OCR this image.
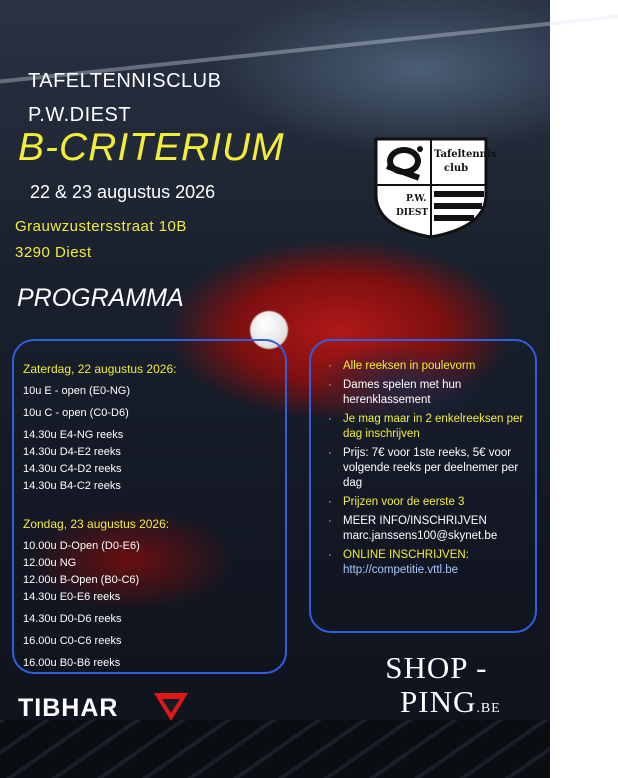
TAFELTENNISCLUB
P.W.DIEST
B-CRITERIUM
22 & 23 augustus 2026
Grauwzustersstraat 10B
3290 Diest
PROGRAMMA
Tafeltennis
club
P.W.
DIEST
Zaterdag, 22 augustus 2026:
10u E - open (E0-NG)
10u C - open (C0-D6)
14.30u E4-NG reeks
14.30u D4-E2 reeks
14.30u C4-D2 reeks
14.30u B4-C2 reeks
Zondag, 23 augustus 2026:
10.00u D-Open (D0-E6)
12.00u NG
12.00u B-Open (B0-C6)
14.30u E0-E6 reeks
14.30u D0-D6 reeks
16.00u C0-C6 reeks
16.00u B0-B6 reeks
· Alle reeksen in poulevorm
· Dames spelen met hun herenklassement
· Je mag maar in 2 enkelreeksen per dag inschrijven
· Prijs: 7€ voor 1ste reeks, 5€ voor volgende reeks per deelnemer per dag
· Prijzen voor de eerste 3
· MEER INFO/INSCHRIJVEN
marc.janssens100@skynet.be
· ONLINE INSCHRIJVEN:
http://competitie.vttl.be
TIBHAR
SHOP -
PING.BE
